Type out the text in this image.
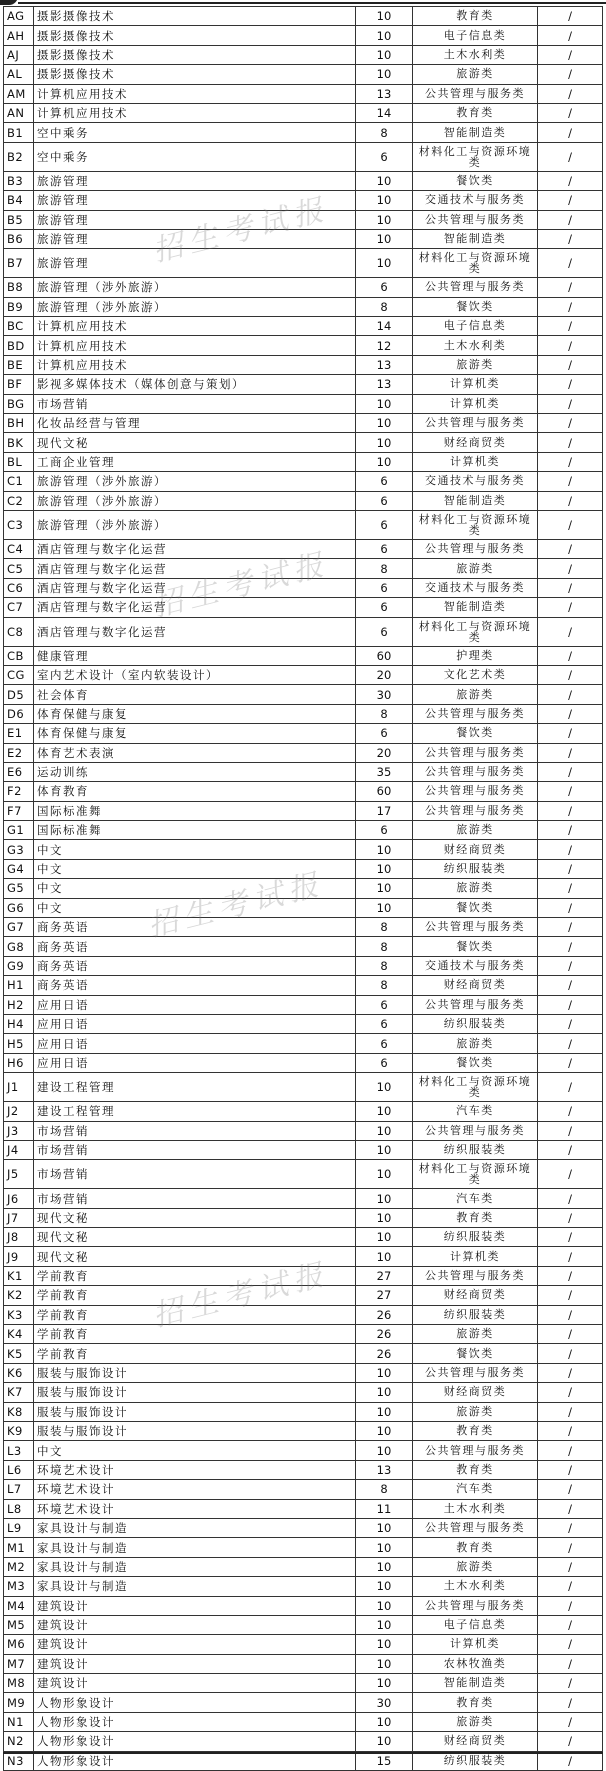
AG	摄影摄像技术	10	教育类	/
AH	摄影摄像技术	10	电子信息类	/
AJ	摄影摄像技术	10	土木水利类	/
AL	摄影摄像技术	10	旅游类	/
AM	计算机应用技术	13	公共管理与服务类	/
AN	计算机应用技术	14	教育类	/
B1	空中乘务	8	智能制造类	/
B2	空中乘务	6	材料化工与资源环境类	/
B3	旅游管理	10	餐饮类	/
B4	旅游管理	10	交通技术与服务类	/
B5	旅游管理	10	公共管理与服务类	/
B6	旅游管理	10	智能制造类	/
B7	旅游管理	10	材料化工与资源环境类	/
B8	旅游管理（涉外旅游）	6	公共管理与服务类	/
B9	旅游管理（涉外旅游）	8	餐饮类	/
BC	计算机应用技术	14	电子信息类	/
BD	计算机应用技术	12	土木水利类	/
BE	计算机应用技术	13	旅游类	/
BF	影视多媒体技术（媒体创意与策划）	13	计算机类	/
BG	市场营销	10	计算机类	/
BH	化妆品经营与管理	10	公共管理与服务类	/
BK	现代文秘	10	财经商贸类	/
BL	工商企业管理	10	计算机类	/
C1	旅游管理（涉外旅游）	6	交通技术与服务类	/
C2	旅游管理（涉外旅游）	6	智能制造类	/
C3	旅游管理（涉外旅游）	6	材料化工与资源环境类	/
C4	酒店管理与数字化运营	6	公共管理与服务类	/
C5	酒店管理与数字化运营	8	旅游类	/
C6	酒店管理与数字化运营	6	交通技术与服务类	/
C7	酒店管理与数字化运营	6	智能制造类	/
C8	酒店管理与数字化运营	6	材料化工与资源环境类	/
CB	健康管理	60	护理类	/
CG	室内艺术设计（室内软装设计）	20	文化艺术类	/
D5	社会体育	30	旅游类	/
D6	体育保健与康复	8	公共管理与服务类	/
E1	体育保健与康复	6	餐饮类	/
E2	体育艺术表演	20	公共管理与服务类	/
E6	运动训练	35	公共管理与服务类	/
F2	体育教育	60	公共管理与服务类	/
F7	国际标准舞	17	公共管理与服务类	/
G1	国际标准舞	6	旅游类	/
G3	中文	10	财经商贸类	/
G4	中文	10	纺织服装类	/
G5	中文	10	旅游类	/
G6	中文	10	餐饮类	/
G7	商务英语	8	公共管理与服务类	/
G8	商务英语	8	餐饮类	/
G9	商务英语	8	交通技术与服务类	/
H1	商务英语	8	财经商贸类	/
H2	应用日语	6	公共管理与服务类	/
H4	应用日语	6	纺织服装类	/
H5	应用日语	6	旅游类	/
H6	应用日语	6	餐饮类	/
J1	建设工程管理	10	材料化工与资源环境类	/
J2	建设工程管理	10	汽车类	/
J3	市场营销	10	公共管理与服务类	/
J4	市场营销	10	纺织服装类	/
J5	市场营销	10	材料化工与资源环境类	/
J6	市场营销	10	汽车类	/
J7	现代文秘	10	教育类	/
J8	现代文秘	10	纺织服装类	/
J9	现代文秘	10	计算机类	/
K1	学前教育	27	公共管理与服务类	/
K2	学前教育	27	财经商贸类	/
K3	学前教育	26	纺织服装类	/
K4	学前教育	26	旅游类	/
K5	学前教育	26	餐饮类	/
K6	服装与服饰设计	10	公共管理与服务类	/
K7	服装与服饰设计	10	财经商贸类	/
K8	服装与服饰设计	10	旅游类	/
K9	服装与服饰设计	10	教育类	/
L3	中文	10	公共管理与服务类	/
L6	环境艺术设计	13	教育类	/
L7	环境艺术设计	8	汽车类	/
L8	环境艺术设计	11	土木水利类	/
L9	家具设计与制造	10	公共管理与服务类	/
M1	家具设计与制造	10	教育类	/
M2	家具设计与制造	10	旅游类	/
M3	家具设计与制造	10	土木水利类	/
M4	建筑设计	10	公共管理与服务类	/
M5	建筑设计	10	电子信息类	/
M6	建筑设计	10	计算机类	/
M7	建筑设计	10	农林牧渔类	/
M8	建筑设计	10	智能制造类	/
M9	人物形象设计	30	教育类	/
N1	人物形象设计	10	旅游类	/
N2	人物形象设计	10	财经商贸类	/
N3	人物形象设计	15	纺织服装类	/
招生考试报
招生考试报
招生考试报
招生考试报
